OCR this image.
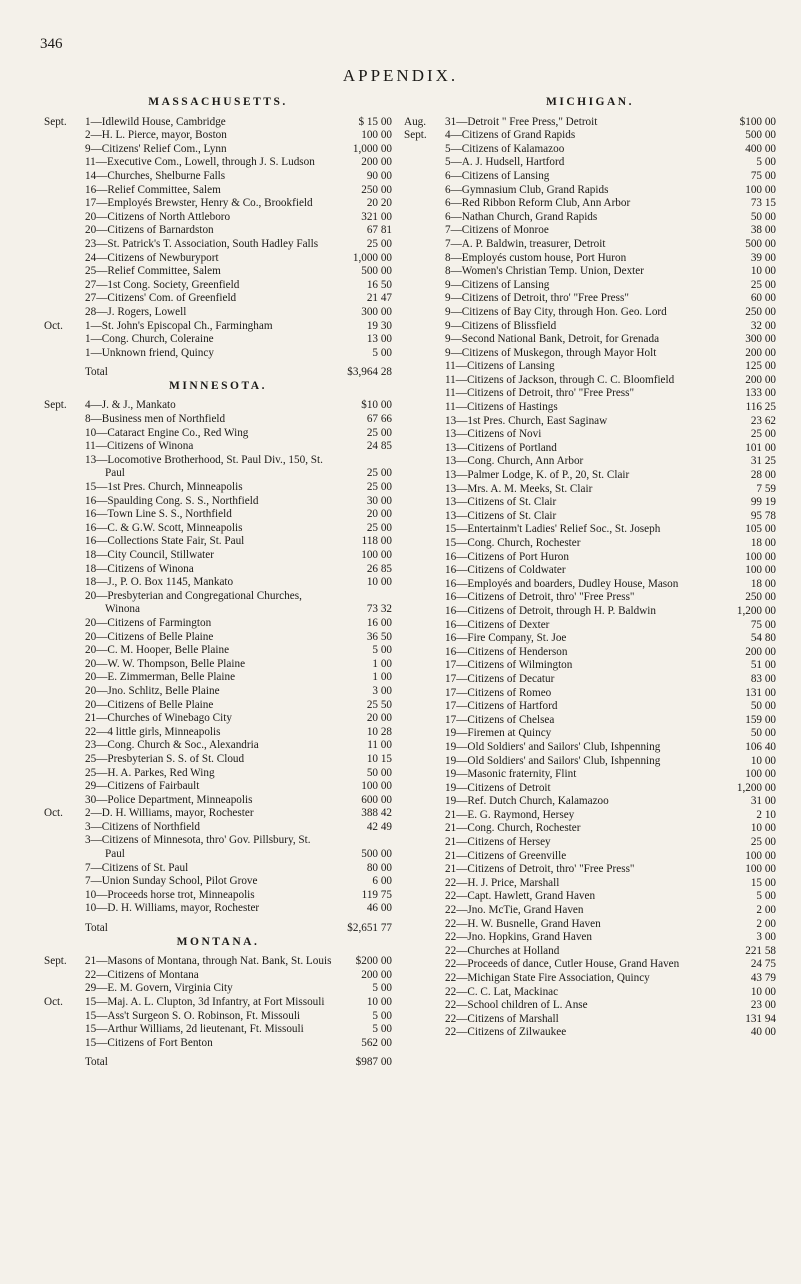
346
APPENDIX.
MASSACHUSETTS.
Sept.	1—Idlewild House, Cambridge	$ 15 00
2—H. L. Pierce, mayor, Boston	100 00
9—Citizens' Relief Com., Lynn	1,000 00
11—Executive Com., Lowell, through J. S. Ludson	200 00
14—Churches, Shelburne Falls	90 00
16—Relief Committee, Salem	250 00
17—Employés Brewster, Henry & Co., Brookfield	20 20
20—Citizens of North Attleboro	321 00
20—Citizens of Barnardston	67 81
23—St. Patrick's T. Association, South Hadley Falls	25 00
24—Citizens of Newburyport	1,000 00
25—Relief Committee, Salem	500 00
27—1st Cong. Society, Greenfield	16 50
27—Citizens' Com. of Greenfield	21 47
28—J. Rogers, Lowell	300 00
Oct.	1—St. John's Episcopal Ch., Farmingham	19 30
1—Cong. Church, Coleraine	13 00
1—Unknown friend, Quincy	5 00
Total	$3,964 28
MINNESOTA.
Sept.	4—J. & J., Mankato	$10 00
8—Business men of Northfield	67 66
10—Cataract Engine Co., Red Wing	25 00
11—Citizens of Winona	24 85
13—Locomotive Brotherhood, St. Paul Div., 150, St. Paul	25 00
15—1st Pres. Church, Minneapolis	25 00
16—Spaulding Cong. S. S., Northfield	30 00
16—Town Line S. S., Northfield	20 00
16—C. & G.W. Scott, Minneapolis	25 00
16—Collections State Fair, St. Paul	118 00
18—City Council, Stillwater	100 00
18—Citizens of Winona	26 85
18—J., P. O. Box 1145, Mankato	10 00
20—Presbyterian and Congregational Churches, Winona	73 32
20—Citizens of Farmington	16 00
20—Citizens of Belle Plaine	36 50
20—C. M. Hooper, Belle Plaine	5 00
20—W. W. Thompson, Belle Plaine	1 00
20—E. Zimmerman, Belle Plaine	1 00
20—Jno. Schlitz, Belle Plaine	3 00
20—Citizens of Belle Plaine	25 50
21—Churches of Winebago City	20 00
22—4 little girls, Minneapolis	10 28
23—Cong. Church & Soc., Alexandria	11 00
25—Presbyterian S. S. of St. Cloud	10 15
25—H. A. Parkes, Red Wing	50 00
29—Citizens of Fairbault	100 00
30—Police Department, Minneapolis	600 00
Oct.	2—D. H. Williams, mayor, Rochester	388 42
3—Citizens of Northfield	42 49
3—Citizens of Minnesota, thro' Gov. Pillsbury, St. Paul	500 00
7—Citizens of St. Paul	80 00
7—Union Sunday School, Pilot Grove	6 00
10—Proceeds horse trot, Minneapolis	119 75
10—D. H. Williams, mayor, Rochester	46 00
Total	$2,651 77
MONTANA.
Sept.	21—Masons of Montana, through Nat. Bank, St. Louis	$200 00
22—Citizens of Montana	200 00
29—E. M. Govern, Virginia City	5 00
Oct.	15—Maj. A. L. Clupton, 3d Infantry, at Fort Missouli	10 00
15—Ass't Surgeon S. O. Robinson, Ft. Missouli	5 00
15—Arthur Williams, 2d lieutenant, Ft. Missouli	5 00
15—Citizens of Fort Benton	562 00
Total	$987 00
MICHIGAN.
Aug.	31—Detroit " Free Press," Detroit	$100 00
Sept.	4—Citizens of Grand Rapids	500 00
5—Citizens of Kalamazoo	400 00
5—A. J. Hudsell, Hartford	5 00
6—Citizens of Lansing	75 00
6—Gymnasium Club, Grand Rapids	100 00
6—Red Ribbon Reform Club, Ann Arbor	73 15
6—Nathan Church, Grand Rapids	50 00
7—Citizens of Monroe	38 00
7—A. P. Baldwin, treasurer, Detroit	500 00
8—Employés custom house, Port Huron	39 00
8—Women's Christian Temp. Union, Dexter	10 00
9—Citizens of Lansing	25 00
9—Citizens of Detroit, thro' "Free Press"	60 00
9—Citizens of Bay City, through Hon. Geo. Lord	250 00
9—Citizens of Blissfield	32 00
9—Second National Bank, Detroit, for Grenada	300 00
9—Citizens of Muskegon, through Mayor Holt	200 00
11—Citizens of Lansing	125 00
11—Citizens of Jackson, through C. C. Bloomfield	200 00
11—Citizens of Detroit, thro' "Free Press"	133 00
11—Citizens of Hastings	116 25
13—1st Pres. Church, East Saginaw	23 62
13—Citizens of Novi	25 00
13—Citizens of Portland	101 00
13—Cong. Church, Ann Arbor	31 25
13—Palmer Lodge, K. of P., 20, St. Clair	28 00
13—Mrs. A. M. Meeks, St. Clair	7 59
13—Citizens of St. Clair	99 19
13—Citizens of St. Clair	95 78
15—Entertainm't Ladies' Relief Soc., St. Joseph	105 00
15—Cong. Church, Rochester	18 00
16—Citizens of Port Huron	100 00
16—Citizens of Coldwater	100 00
16—Employés and boarders, Dudley House, Mason	18 00
16—Citizens of Detroit, thro' "Free Press"	250 00
16—Citizens of Detroit, through H. P. Baldwin	1,200 00
16—Citizens of Dexter	75 00
16—Fire Company, St. Joe	54 80
16—Citizens of Henderson	200 00
17—Citizens of Wilmington	51 00
17—Citizens of Decatur	83 00
17—Citizens of Romeo	131 00
17—Citizens of Hartford	50 00
17—Citizens of Chelsea	159 00
19—Firemen at Quincy	50 00
19—Old Soldiers' and Sailors' Club, Ishpenning	106 40
19—Old Soldiers' and Sailors' Club, Ishpenning	10 00
19—Masonic fraternity, Flint	100 00
19—Citizens of Detroit	1,200 00
19—Ref. Dutch Church, Kalamazoo	31 00
21—E. G. Raymond, Hersey	2 10
21—Cong. Church, Rochester	10 00
21—Citizens of Hersey	25 00
21—Citizens of Greenville	100 00
21—Citizens of Detroit, thro' "Free Press"	100 00
22—H. J. Price, Marshall	15 00
22—Capt. Hawlett, Grand Haven	5 00
22—Jno. McTie, Grand Haven	2 00
22—H. W. Busnelle, Grand Haven	2 00
22—Jno. Hopkins, Grand Haven	3 00
22—Churches at Holland	221 58
22—Proceeds of dance, Cutler House, Grand Haven	24 75
22—Michigan State Fire Association, Quincy	43 79
22—C. C. Lat, Mackinac	10 00
22—School children of L. Anse	23 00
22—Citizens of Marshall	131 94
22—Citizens of Zilwaukee	40 00
